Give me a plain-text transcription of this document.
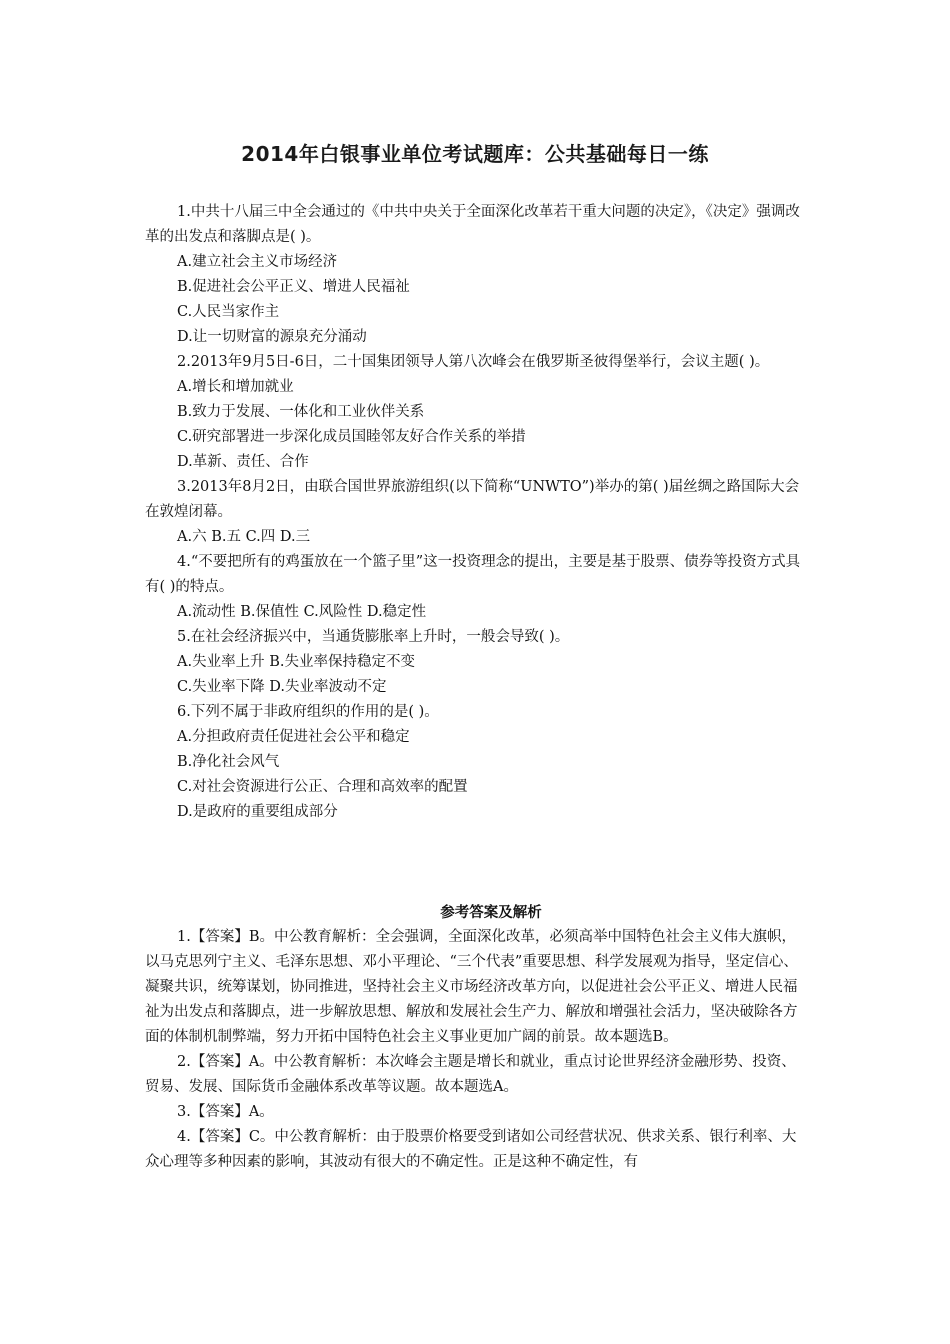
2014年白银事业单位考试题库：公共基础每日一练

1.中共十八届三中全会通过的《中共中央关于全面深化改革若干重大问题的决定》，《决定》强调改革的出发点和落脚点是( )。

A.建立社会主义市场经济

B.促进社会公平正义、增进人民福祉

C.人民当家作主

D.让一切财富的源泉充分涌动

2.2013年9月5日-6日，二十国集团领导人第八次峰会在俄罗斯圣彼得堡举行，会议主题( )。

A.增长和增加就业

B.致力于发展、一体化和工业伙伴关系

C.研究部署进一步深化成员国睦邻友好合作关系的举措

D.革新、责任、合作

3.2013年8月2日，由联合国世界旅游组织(以下简称“UNWTO”)举办的第( )届丝绸之路国际大会在敦煌闭幕。

A.六 B.五 C.四 D.三

4.“不要把所有的鸡蛋放在一个篮子里”这一投资理念的提出，主要是基于股票、债券等投资方式具有( )的特点。

A.流动性 B.保值性 C.风险性 D.稳定性

5.在社会经济振兴中，当通货膨胀率上升时，一般会导致( )。

A.失业率上升 B.失业率保持稳定不变

C.失业率下降 D.失业率波动不定

6.下列不属于非政府组织的作用的是( )。

A.分担政府责任促进社会公平和稳定

B.净化社会风气

C.对社会资源进行公正、合理和高效率的配置

D.是政府的重要组成部分

参考答案及解析

1.【答案】B。中公教育解析：全会强调，全面深化改革，必须高举中国特色社会主义伟大旗帜，以马克思列宁主义、毛泽东思想、邓小平理论、“三个代表”重要思想、科学发展观为指导，坚定信心、凝聚共识，统筹谋划，协同推进，坚持社会主义市场经济改革方向，以促进社会公平正义、增进人民福祉为出发点和落脚点，进一步解放思想、解放和发展社会生产力、解放和增强社会活力，坚决破除各方面的体制机制弊端，努力开拓中国特色社会主义事业更加广阔的前景。故本题选B。

2.【答案】A。中公教育解析：本次峰会主题是增长和就业，重点讨论世界经济金融形势、投资、贸易、发展、国际货币金融体系改革等议题。故本题选A。

3.【答案】A。

4.【答案】C。中公教育解析：由于股票价格要受到诸如公司经营状况、供求关系、银行利率、大众心理等多种因素的影响，其波动有很大的不确定性。正是这种不确定性，有
